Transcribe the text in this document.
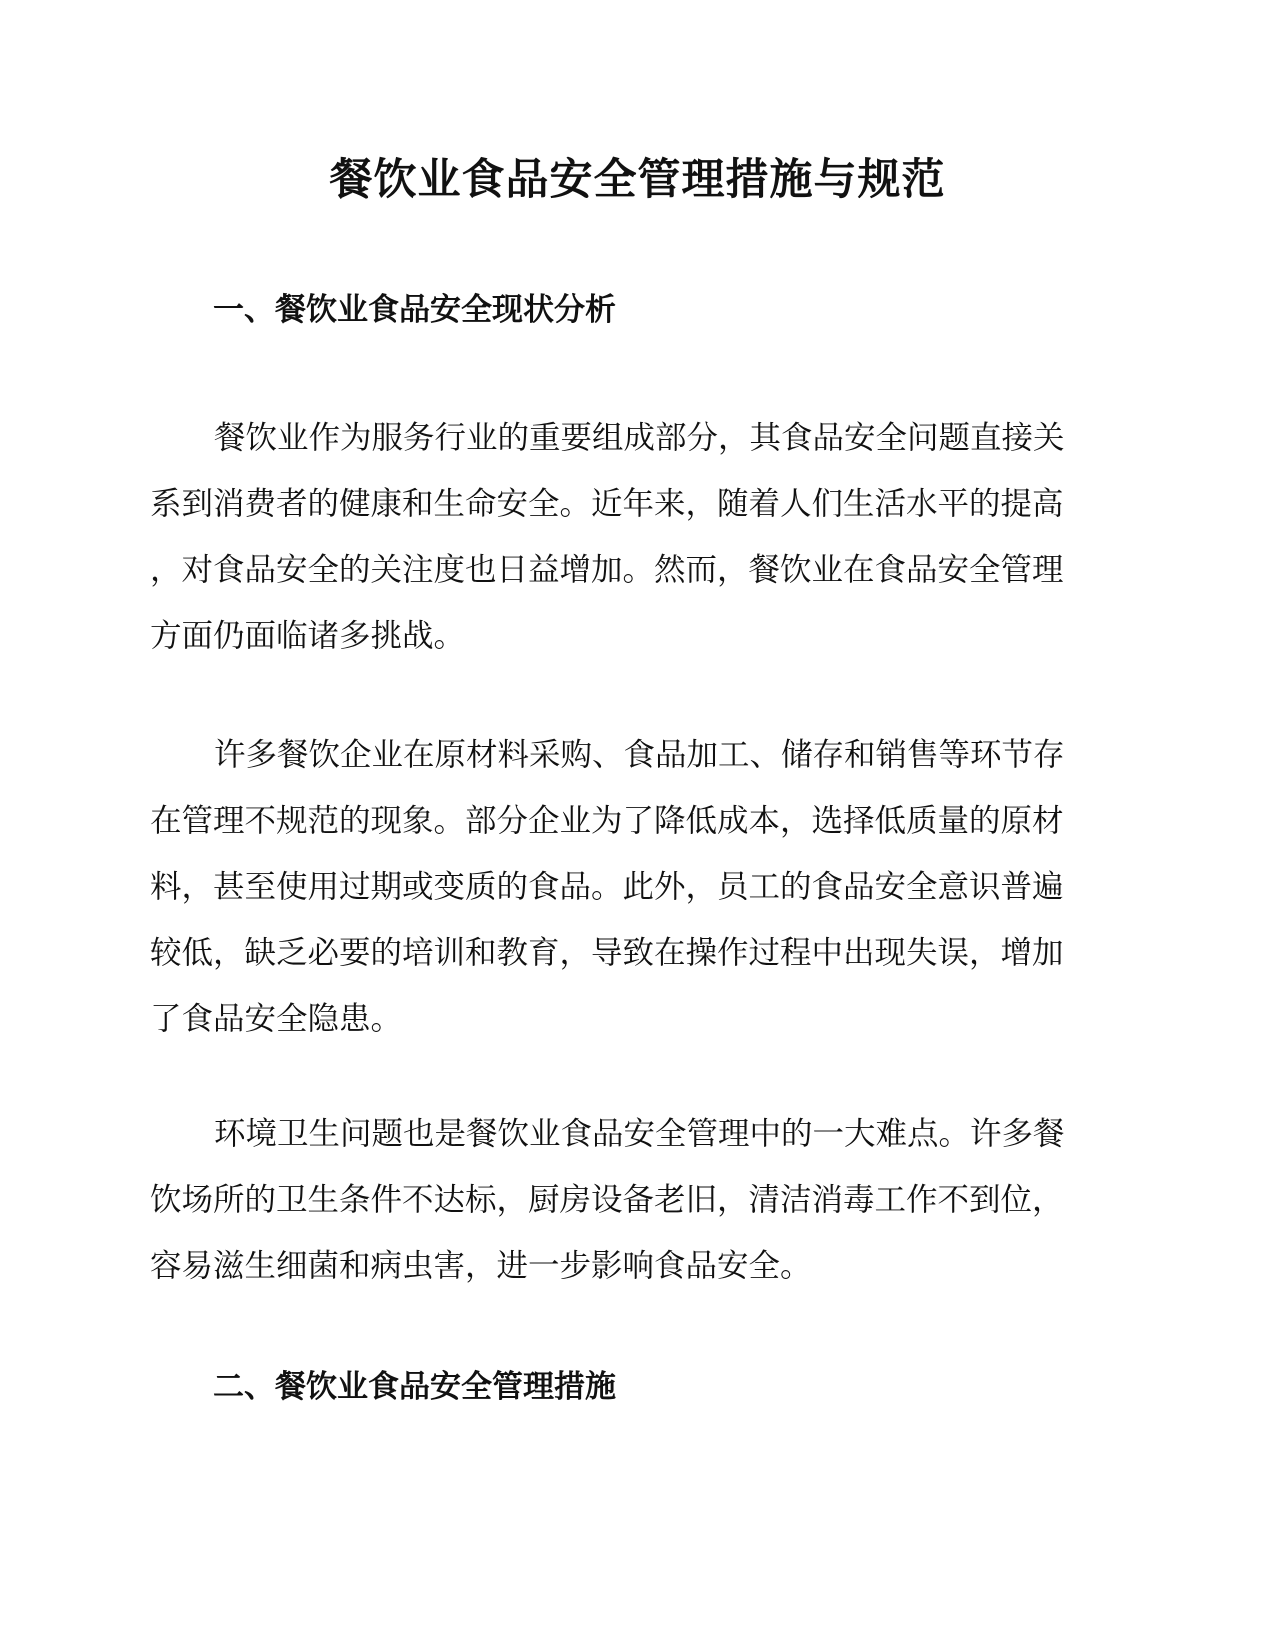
餐饮业食品安全管理措施与规范
一、餐饮业食品安全现状分析
餐饮业作为服务行业的重要组成部分，其食品安全问题直接关
系到消费者的健康和生命安全。近年来，随着人们生活水平的提高
，对食品安全的关注度也日益增加。然而，餐饮业在食品安全管理
方面仍面临诸多挑战。
许多餐饮企业在原材料采购、食品加工、储存和销售等环节存
在管理不规范的现象。部分企业为了降低成本，选择低质量的原材
料，甚至使用过期或变质的食品。此外，员工的食品安全意识普遍
较低，缺乏必要的培训和教育，导致在操作过程中出现失误，增加
了食品安全隐患。
环境卫生问题也是餐饮业食品安全管理中的一大难点。许多餐
饮场所的卫生条件不达标，厨房设备老旧，清洁消毒工作不到位，
容易滋生细菌和病虫害，进一步影响食品安全。
二、餐饮业食品安全管理措施
